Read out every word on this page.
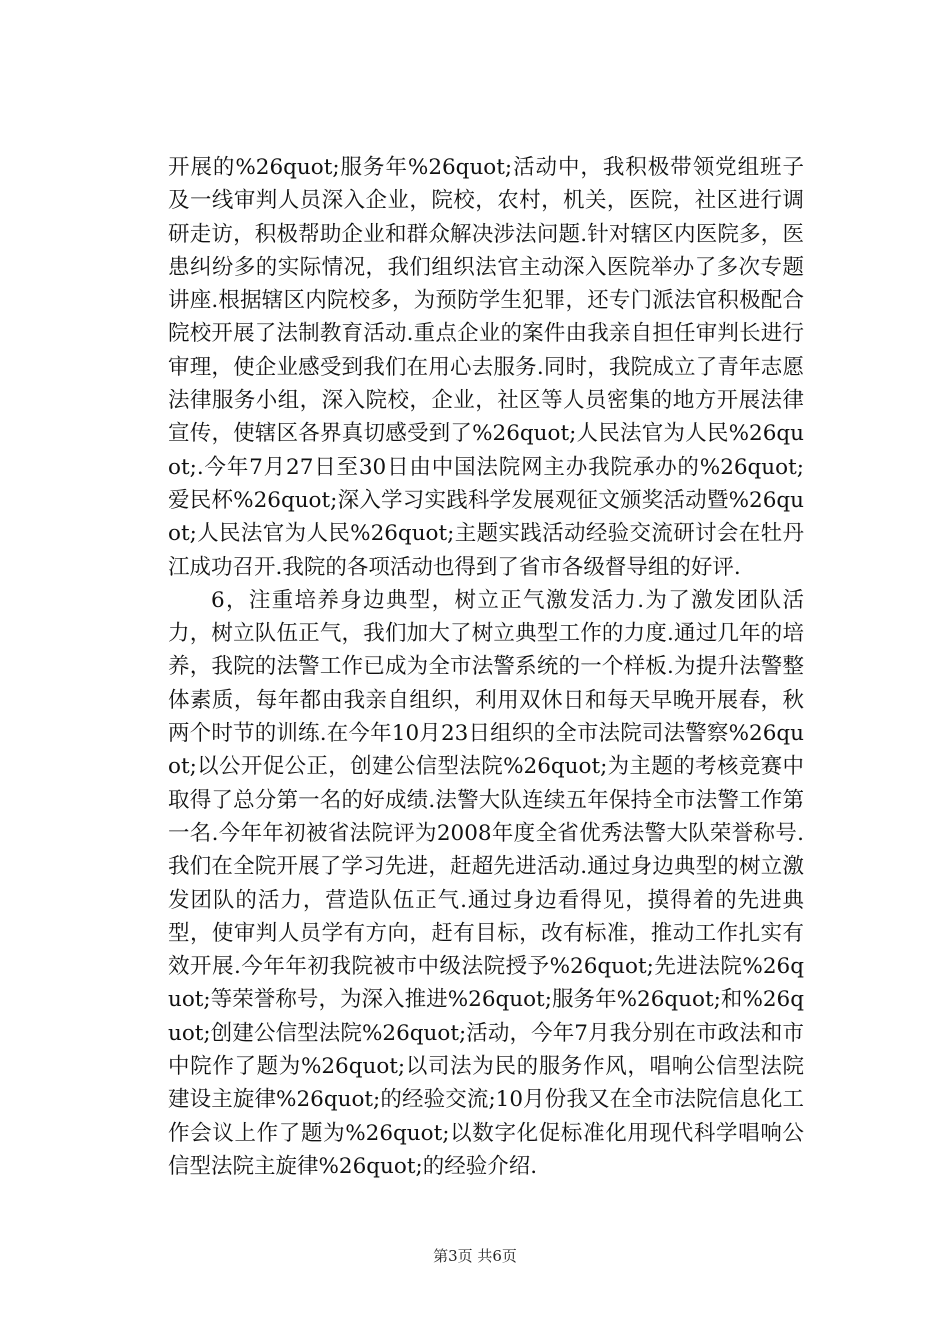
开展的%26quot;服务年%26quot;活动中，我积极带领党组班子及一线审判人员深入企业，院校，农村，机关，医院，社区进行调研走访，积极帮助企业和群众解决涉法问题.针对辖区内医院多，医患纠纷多的实际情况，我们组织法官主动深入医院举办了多次专题讲座.根据辖区内院校多，为预防学生犯罪，还专门派法官积极配合院校开展了法制教育活动.重点企业的案件由我亲自担任审判长进行审理，使企业感受到我们在用心去服务.同时，我院成立了青年志愿法律服务小组，深入院校，企业，社区等人员密集的地方开展法律宣传，使辖区各界真切感受到了%26quot;人民法官为人民%26quot;.今年7月27日至30日由中国法院网主办我院承办的%26quot;爱民杯%26quot;深入学习实践科学发展观征文颁奖活动暨%26quot;人民法官为人民%26quot;主题实践活动经验交流研讨会在牡丹江成功召开.我院的各项活动也得到了省市各级督导组的好评.

6，注重培养身边典型，树立正气激发活力.为了激发团队活力，树立队伍正气，我们加大了树立典型工作的力度.通过几年的培养，我院的法警工作已成为全市法警系统的一个样板.为提升法警整体素质，每年都由我亲自组织，利用双休日和每天早晚开展春，秋两个时节的训练.在今年10月23日组织的全市法院司法警察%26quot;以公开促公正，创建公信型法院%26quot;为主题的考核竞赛中取得了总分第一名的好成绩.法警大队连续五年保持全市法警工作第一名.今年年初被省法院评为2008年度全省优秀法警大队荣誉称号.我们在全院开展了学习先进，赶超先进活动.通过身边典型的树立激发团队的活力，营造队伍正气.通过身边看得见，摸得着的先进典型，使审判人员学有方向，赶有目标，改有标准，推动工作扎实有效开展.今年年初我院被市中级法院授予%26quot;先进法院%26quot;等荣誉称号，为深入推进%26quot;服务年%26quot;和%26quot;创建公信型法院%26quot;活动，今年7月我分别在市政法和市中院作了题为%26quot;以司法为民的服务作风，唱响公信型法院建设主旋律%26quot;的经验交流;10月份我又在全市法院信息化工作会议上作了题为%26quot;以数字化促标准化用现代科学唱响公信型法院主旋律%26quot;的经验介绍.

第3页 共6页
